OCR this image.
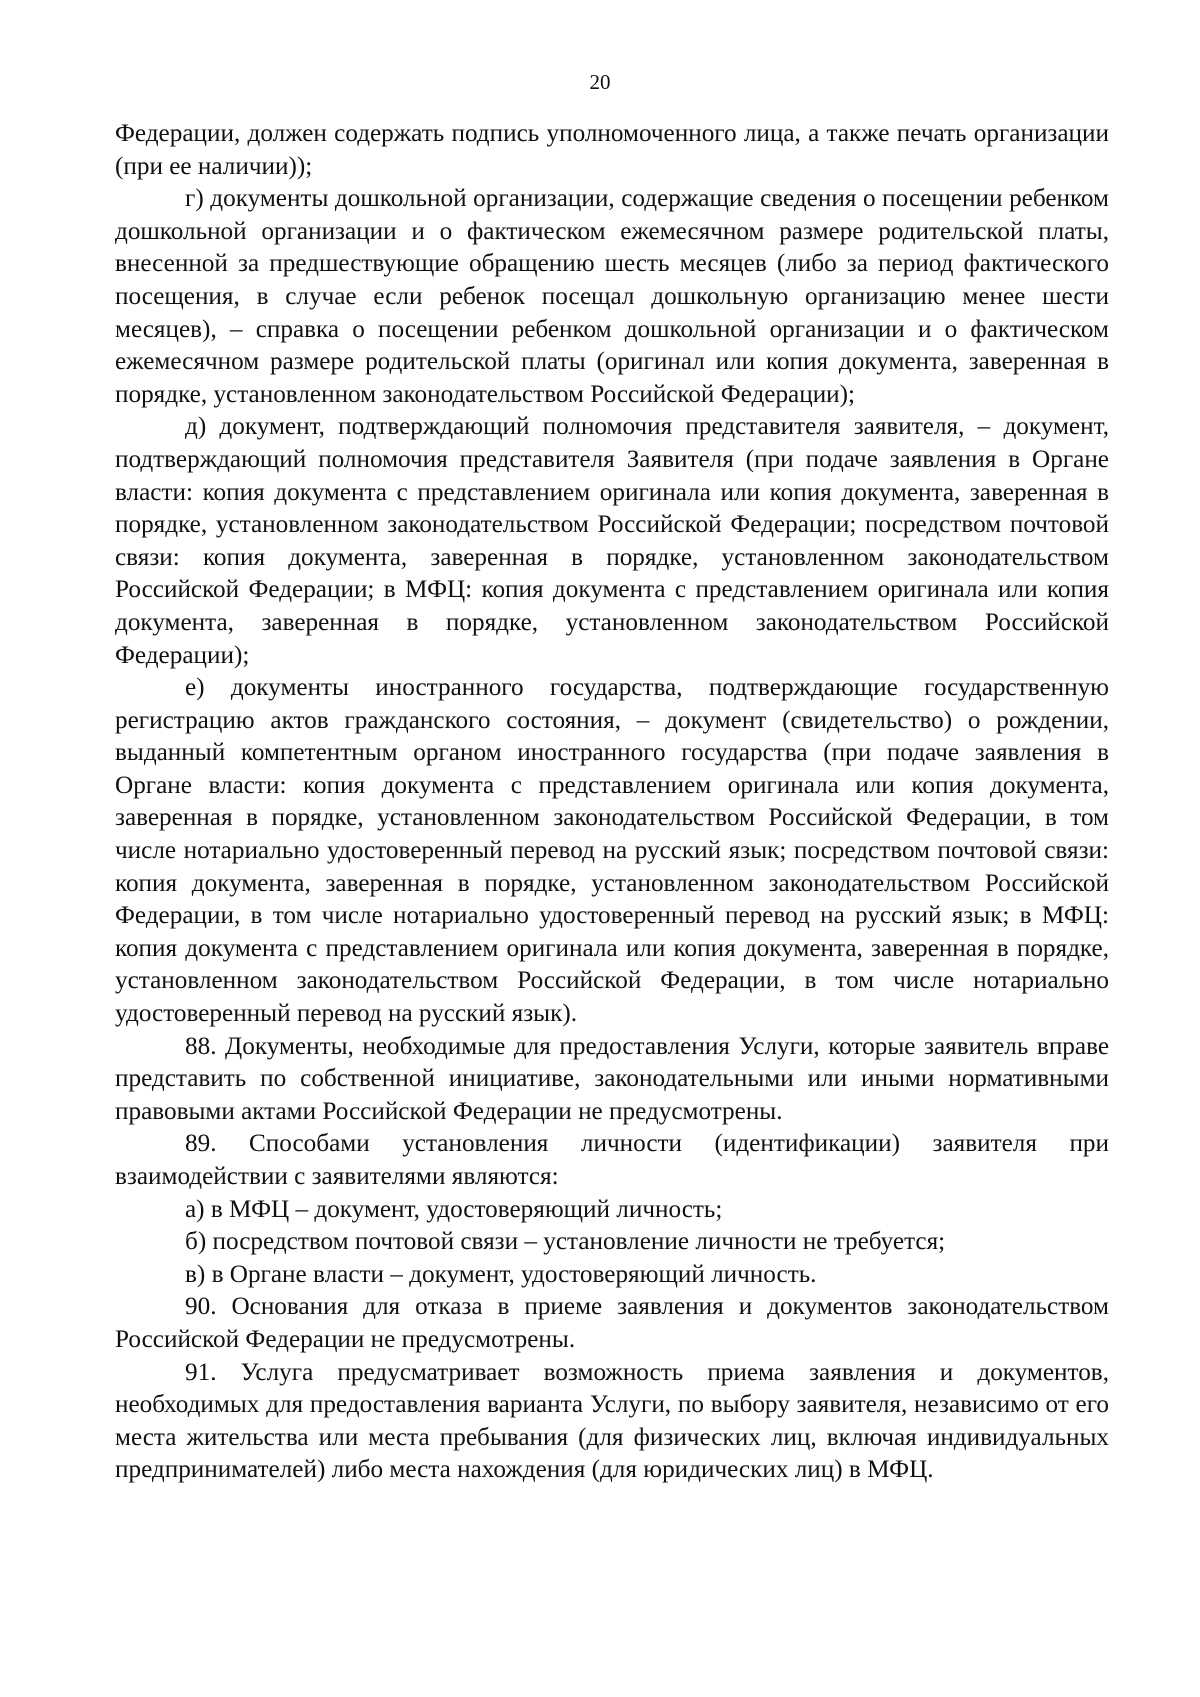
20

Федерации, должен содержать подпись уполномоченного лица, а также печать организации (при ее наличии));

г) документы дошкольной организации, содержащие сведения о посещении ребенком дошкольной организации и о фактическом ежемесячном размере родительской платы, внесенной за предшествующие обращению шесть месяцев (либо за период фактического посещения, в случае если ребенок посещал дошкольную организацию менее шести месяцев), – справка о посещении ребенком дошкольной организации и о фактическом ежемесячном размере родительской платы (оригинал или копия документа, заверенная в порядке, установленном законодательством Российской Федерации);

д) документ, подтверждающий полномочия представителя заявителя, – документ, подтверждающий полномочия представителя Заявителя (при подаче заявления в Органе власти: копия документа с представлением оригинала или копия документа, заверенная в порядке, установленном законодательством Российской Федерации; посредством почтовой связи: копия документа, заверенная в порядке, установленном законодательством Российской Федерации; в МФЦ: копия документа с представлением оригинала или копия документа, заверенная в порядке, установленном законодательством Российской Федерации);

е) документы иностранного государства, подтверждающие государственную регистрацию актов гражданского состояния, – документ (свидетельство) о рождении, выданный компетентным органом иностранного государства (при подаче заявления в Органе власти: копия документа с представлением оригинала или копия документа, заверенная в порядке, установленном законодательством Российской Федерации, в том числе нотариально удостоверенный перевод на русский язык; посредством почтовой связи: копия документа, заверенная в порядке, установленном законодательством Российской Федерации, в том числе нотариально удостоверенный перевод на русский язык; в МФЦ: копия документа с представлением оригинала или копия документа, заверенная в порядке, установленном законодательством Российской Федерации, в том числе нотариально удостоверенный перевод на русский язык).

88. Документы, необходимые для предоставления Услуги, которые заявитель вправе представить по собственной инициативе, законодательными или иными нормативными правовыми актами Российской Федерации не предусмотрены.

89. Способами установления личности (идентификации) заявителя при взаимодействии с заявителями являются:

а) в МФЦ – документ, удостоверяющий личность;

б) посредством почтовой связи – установление личности не требуется;

в) в Органе власти – документ, удостоверяющий личность.

90. Основания для отказа в приеме заявления и документов законодательством Российской Федерации не предусмотрены.

91. Услуга предусматривает возможность приема заявления и документов, необходимых для предоставления варианта Услуги, по выбору заявителя, независимо от его места жительства или места пребывания (для физических лиц, включая индивидуальных предпринимателей) либо места нахождения (для юридических лиц) в МФЦ.
